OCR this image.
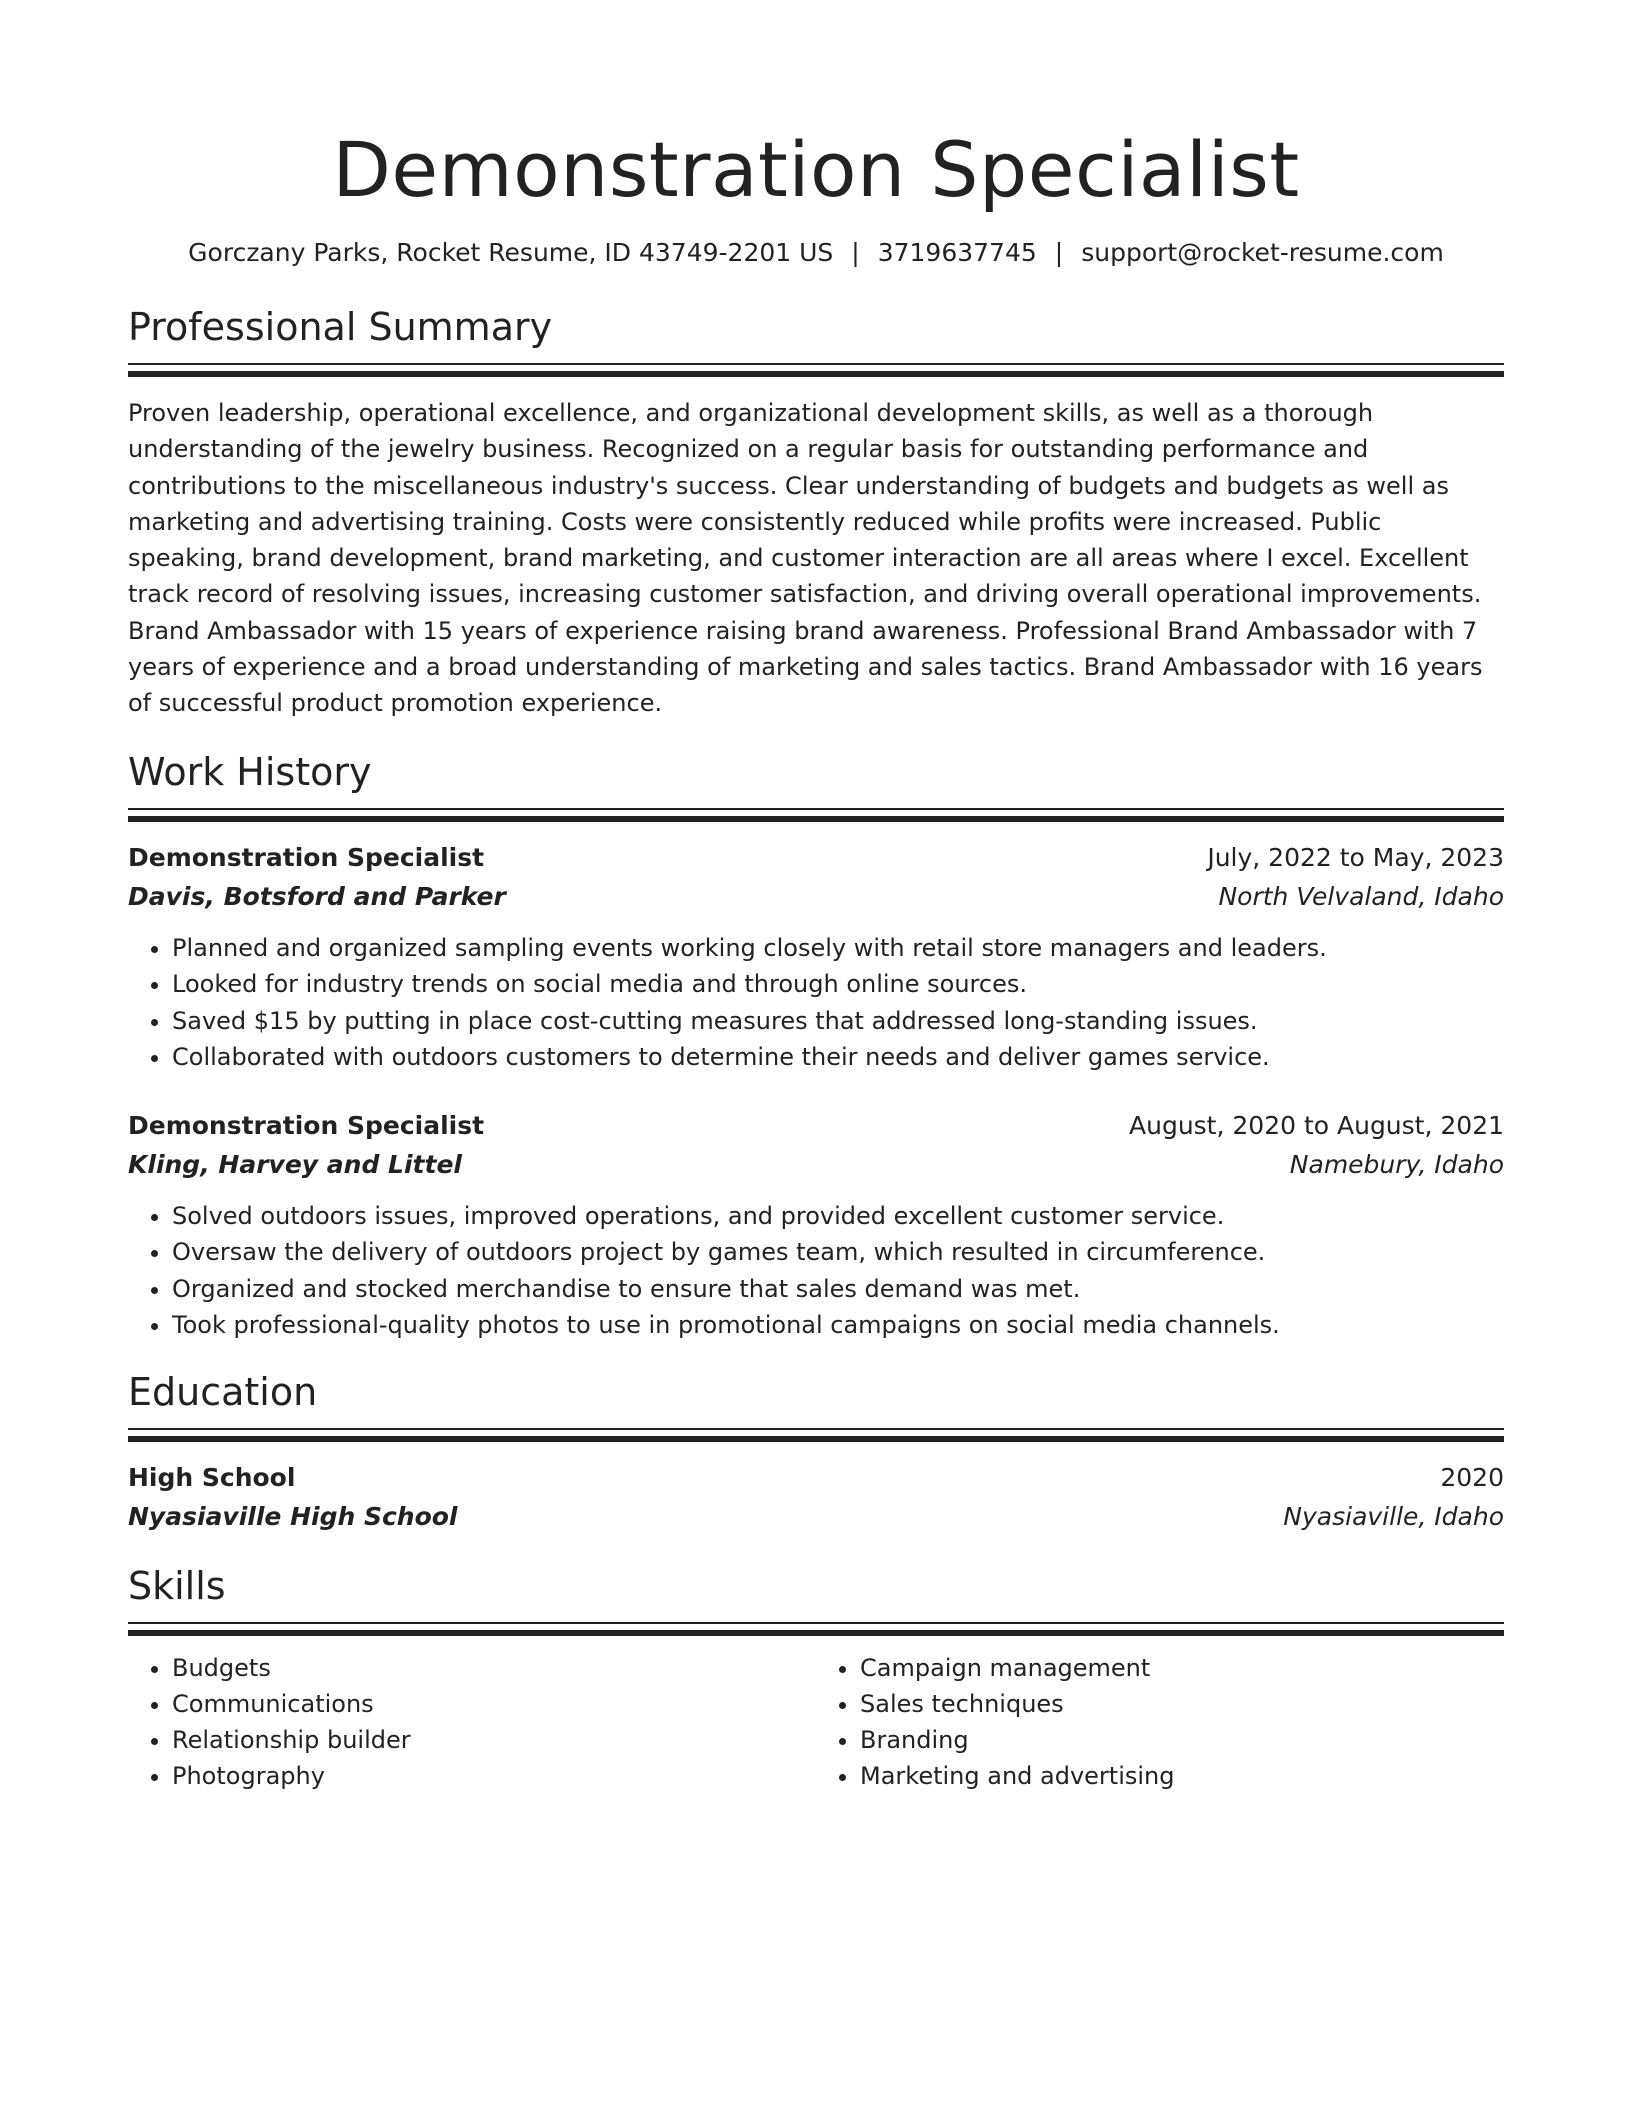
Demonstration Specialist
Gorczany Parks, Rocket Resume, ID 43749-2201 US | 3719637745 | support@rocket-resume.com
Professional Summary
Proven leadership, operational excellence, and organizational development skills, as well as a thorough understanding of the jewelry business. Recognized on a regular basis for outstanding performance and contributions to the miscellaneous industry's success. Clear understanding of budgets and budgets as well as marketing and advertising training. Costs were consistently reduced while profits were increased. Public speaking, brand development, brand marketing, and customer interaction are all areas where I excel. Excellent track record of resolving issues, increasing customer satisfaction, and driving overall operational improvements. Brand Ambassador with 15 years of experience raising brand awareness. Professional Brand Ambassador with 7 years of experience and a broad understanding of marketing and sales tactics. Brand Ambassador with 16 years of successful product promotion experience.
Work History
Demonstration Specialist	July, 2022 to May, 2023
Davis, Botsford and Parker	North Velvaland, Idaho
• Planned and organized sampling events working closely with retail store managers and leaders.
• Looked for industry trends on social media and through online sources.
• Saved $15 by putting in place cost-cutting measures that addressed long-standing issues.
• Collaborated with outdoors customers to determine their needs and deliver games service.
Demonstration Specialist	August, 2020 to August, 2021
Kling, Harvey and Littel	Namebury, Idaho
• Solved outdoors issues, improved operations, and provided excellent customer service.
• Oversaw the delivery of outdoors project by games team, which resulted in circumference.
• Organized and stocked merchandise to ensure that sales demand was met.
• Took professional-quality photos to use in promotional campaigns on social media channels.
Education
High School	2020
Nyasiaville High School	Nyasiaville, Idaho
Skills
• Budgets
• Communications
• Relationship builder
• Photography
• Campaign management
• Sales techniques
• Branding
• Marketing and advertising
